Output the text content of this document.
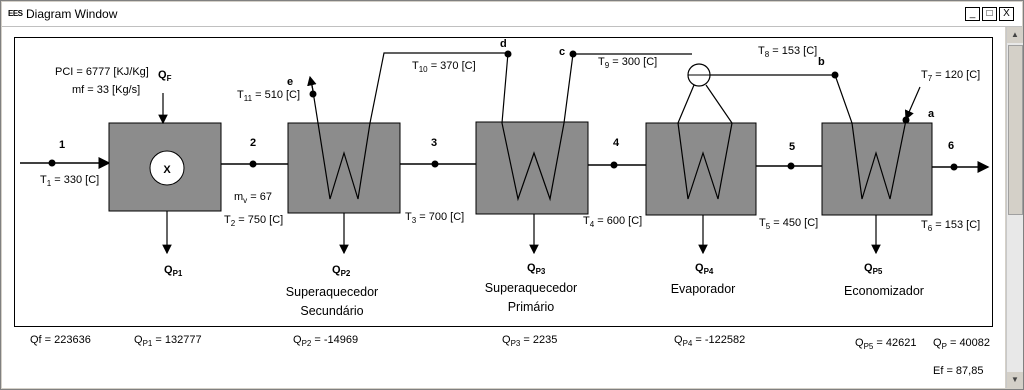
EES Diagram Window	_	□	X
X
1	2	3	4	5	6
e
d
c
b
a
PCI = 6777 [KJ/Kg]
mf = 33 [Kg/s]
$Q_F$
$T_1 = 330$ [C]
$T_2 = 750$ [C]	$T_3 = 700$ [C]	$T_4 = 600$ [C]	$T_5 = 450$ [C]	$T_6 = 153$ [C]
$T_7 = 120$ [C]
$T_8 = 153$ [C]
$T_9 = 300$ [C]
$T_{10} = 370$ [C]
$T_{11} = 510$ [C]
$m_v = 67$
$Q_{P1}$	$Q_{P2}$	$Q_{P3}$	$Q_{P4}$	$Q_{P5}$
Superaquecedor
Secundário
Superaquecedor
Primário
Evaporador	Economizador
Qf = 223636	$Q_{P1} = 132777$	$Q_{P2} = -14969$	$Q_{P3} = 2235$	$Q_{P4} = -122582$	$Q_{P5} = 42621$ $Q_P = 40082$
Ef = 87,85
▲
▼
